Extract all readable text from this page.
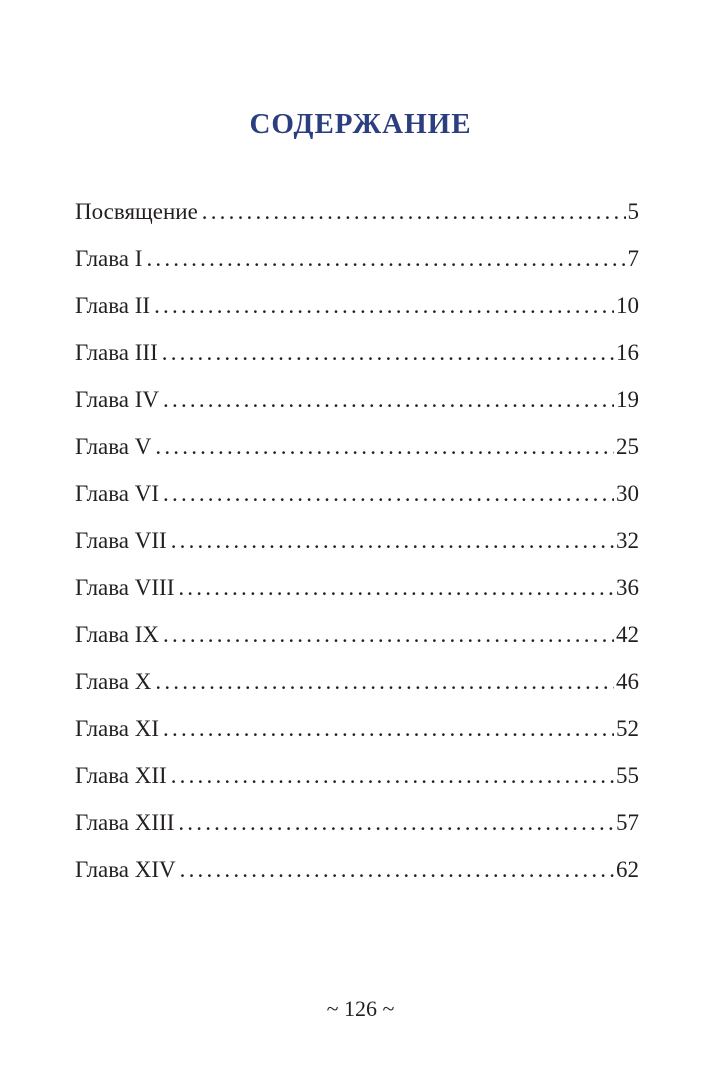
СОДЕРЖАНИЕ
Посвящение .....	5
Глава I .....	7
Глава II .....	10
Глава III .....	16
Глава IV .....	19
Глава V .....	25
Глава VI .....	30
Глава VII .....	32
Глава VIII .....	36
Глава IX .....	42
Глава X .....	46
Глава XI .....	52
Глава XII .....	55
Глава XIII .....	57
Глава XIV .....	62
~ 126 ~
